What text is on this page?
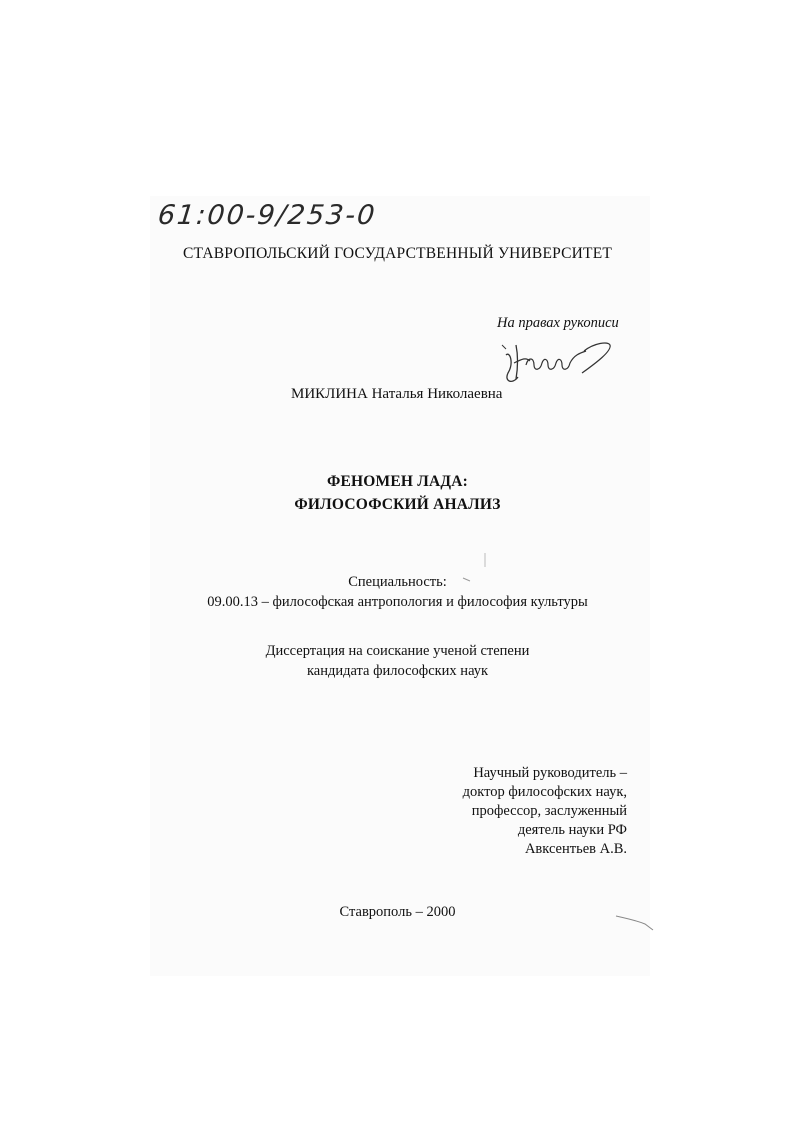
61:00-9/253-0
СТАВРОПОЛЬСКИЙ ГОСУДАРСТВЕННЫЙ УНИВЕРСИТЕТ
На правах рукописи
МИКЛИНА Наталья Николаевна
ФЕНОМЕН ЛАДА:
ФИЛОСОФСКИЙ АНАЛИЗ
Специальность:
09.00.13 – философская антропология и философия культуры
Диссертация на соискание ученой степени
кандидата философских наук
Научный руководитель –
доктор философских наук,
профессор, заслуженный
деятель науки РФ
Авксентьев А.В.
Ставрополь – 2000
